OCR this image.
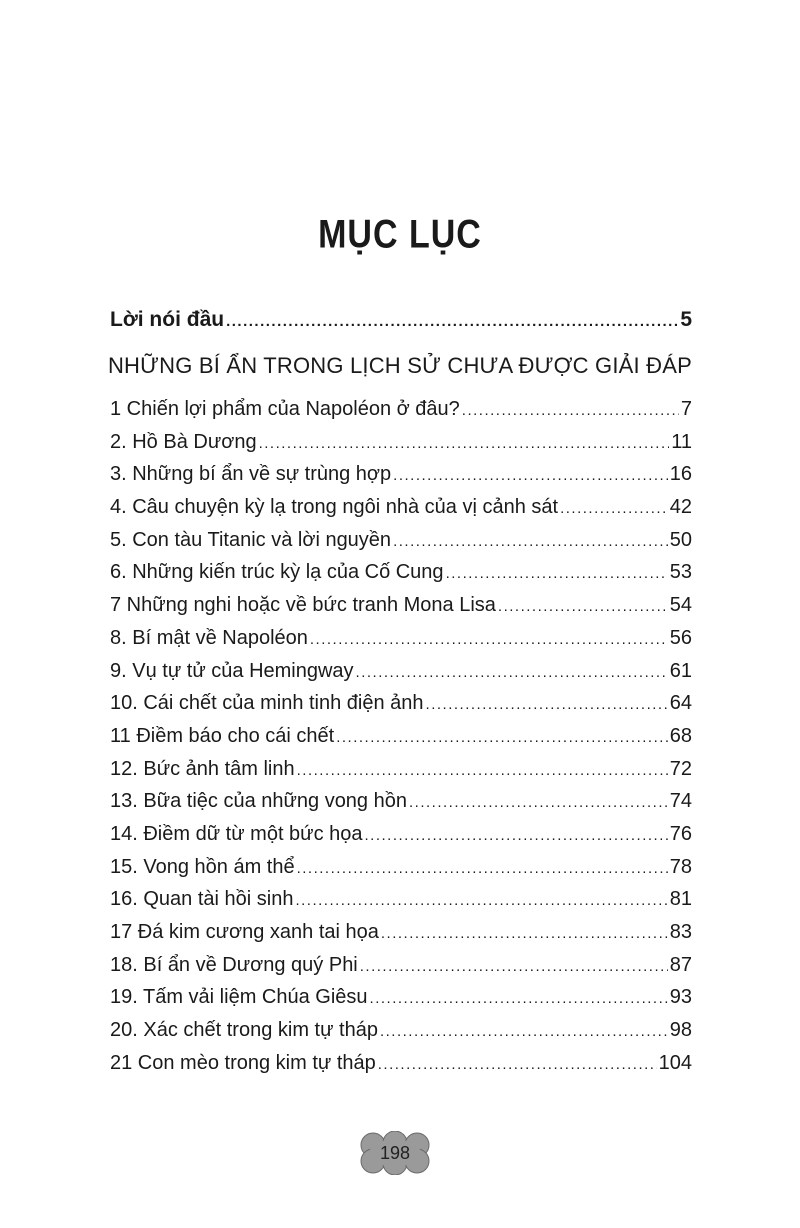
MỤC LỤC
Lời nói đầu .....	5
NHỮNG BÍ ẨN TRONG LỊCH SỬ CHƯA ĐƯỢC GIẢI ĐÁP
1 Chiến lợi phẩm của Napoléon ở đâu? .....	7
2. Hồ Bà Dương .....	11
3. Những bí ẩn về sự trùng hợp .....	16
4. Câu chuyện kỳ lạ trong ngôi nhà của vị cảnh sát .....	42
5. Con tàu Titanic và lời nguyền .....	50
6. Những kiến trúc kỳ lạ của Cố Cung .....	53
7 Những nghi hoặc về bức tranh Mona Lisa .....	54
8. Bí mật về Napoléon .....	56
9. Vụ tự tử của Hemingway .....	61
10. Cái chết của minh tinh điện ảnh .....	64
11 Điềm báo cho cái chết .....	68
12. Bức ảnh tâm linh .....	72
13. Bữa tiệc của những vong hồn .....	74
14. Điềm dữ từ một bức họa .....	76
15. Vong hồn ám thể .....	78
16. Quan tài hồi sinh .....	81
17 Đá kim cương xanh tai họa .....	83
18. Bí ẩn về Dương quý Phi .....	87
19. Tấm vải liệm Chúa Giêsu .....	93
20. Xác chết trong kim tự tháp .....	98
21 Con mèo trong kim tự tháp .....	104
198
